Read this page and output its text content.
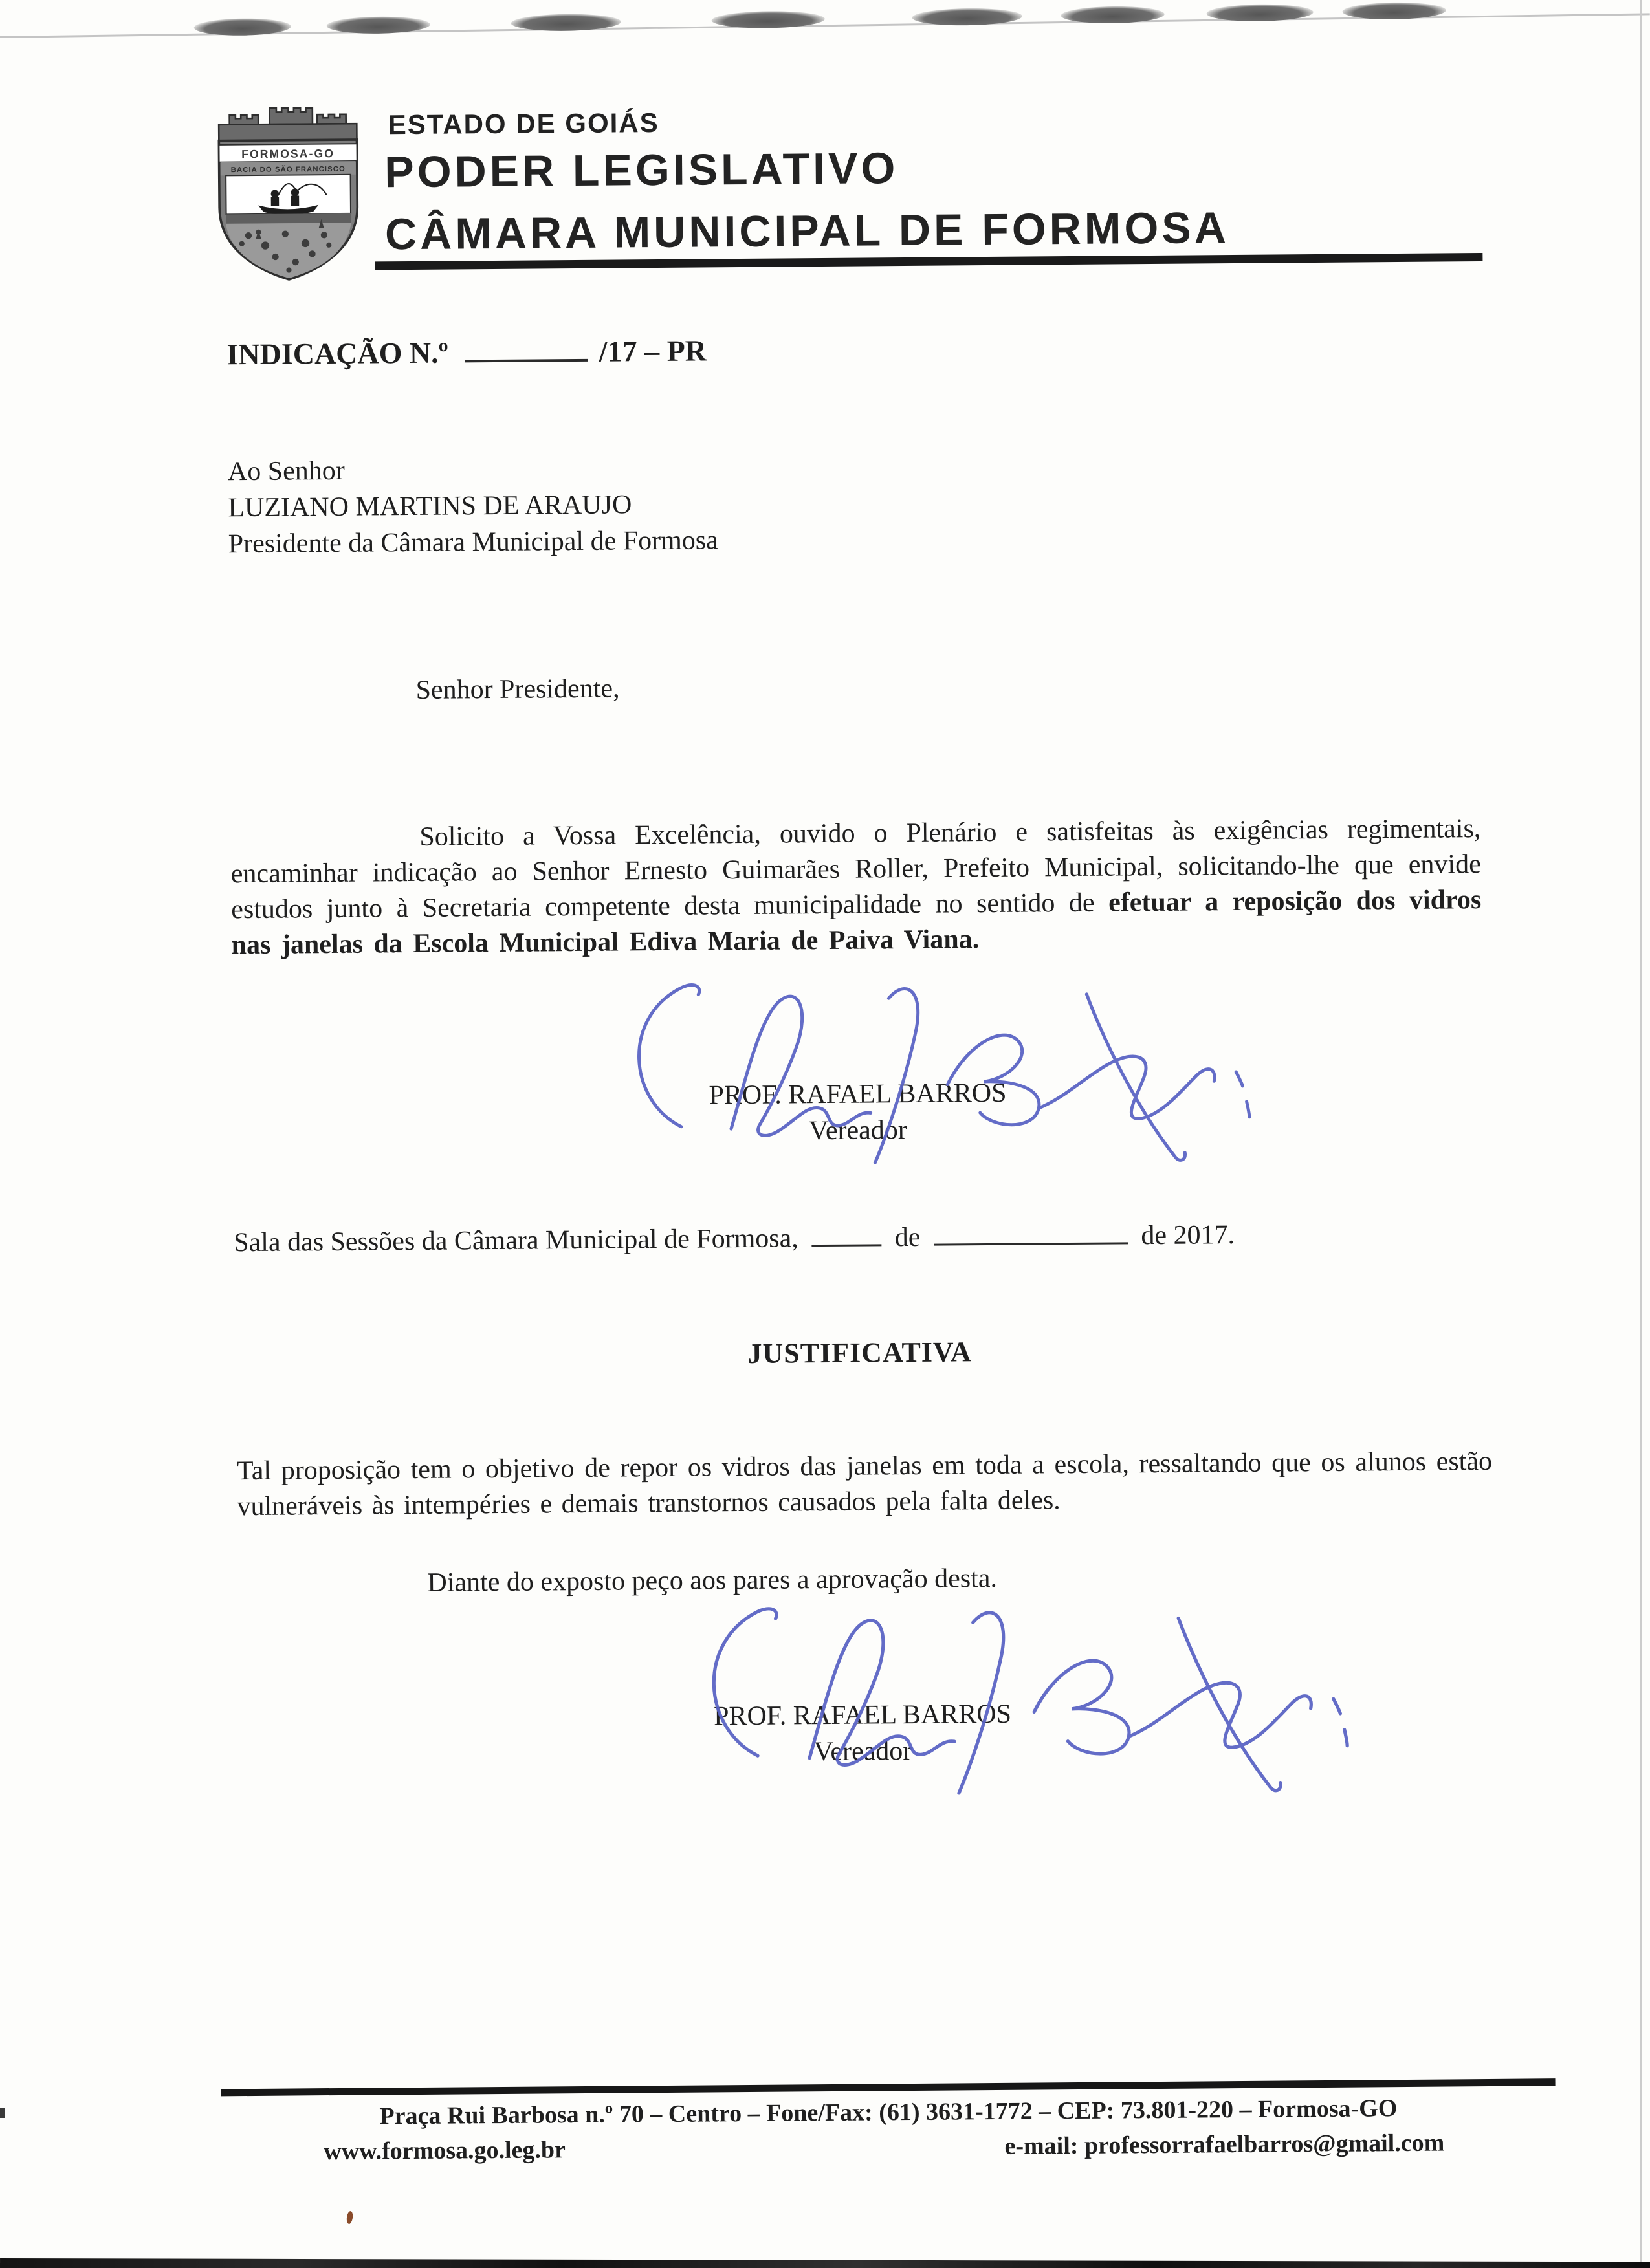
FORMOSA-GO
BACIA DO SÃO FRANCISCO
ESTADO DE GOIÁS
PODER LEGISLATIVO
CÂMARA MUNICIPAL DE FORMOSA
INDICAÇÃO N.º	/17 – PR
Ao Senhor
LUZIANO MARTINS DE ARAUJO
Presidente da Câmara Municipal de Formosa
Senhor Presidente,
Solicito a Vossa Excelência, ouvido o Plenário e satisfeitas às exigências regimentais, encaminhar indicação ao Senhor Ernesto Guimarães Roller, Prefeito Municipal, solicitando-lhe que envide estudos junto à Secretaria competente desta municipalidade no sentido de efetuar a reposição dos vidros nas janelas da Escola Municipal Ediva Maria de Paiva Viana.
PROF. RAFAEL BARROS
Vereador
Sala das Sessões da Câmara Municipal de Formosa,	de	de 2017.
JUSTIFICATIVA
Tal proposição tem o objetivo de repor os vidros das janelas em toda a escola, ressaltando que os alunos estão vulneráveis às intempéries e demais transtornos causados pela falta deles.
Diante do exposto peço aos pares a aprovação desta.
PROF. RAFAEL BARROS
Vereador
Praça Rui Barbosa n.º 70 – Centro – Fone/Fax: (61) 3631-1772 – CEP: 73.801-220 – Formosa-GO
www.formosa.go.leg.br	e-mail: professorrafaelbarros@gmail.com
